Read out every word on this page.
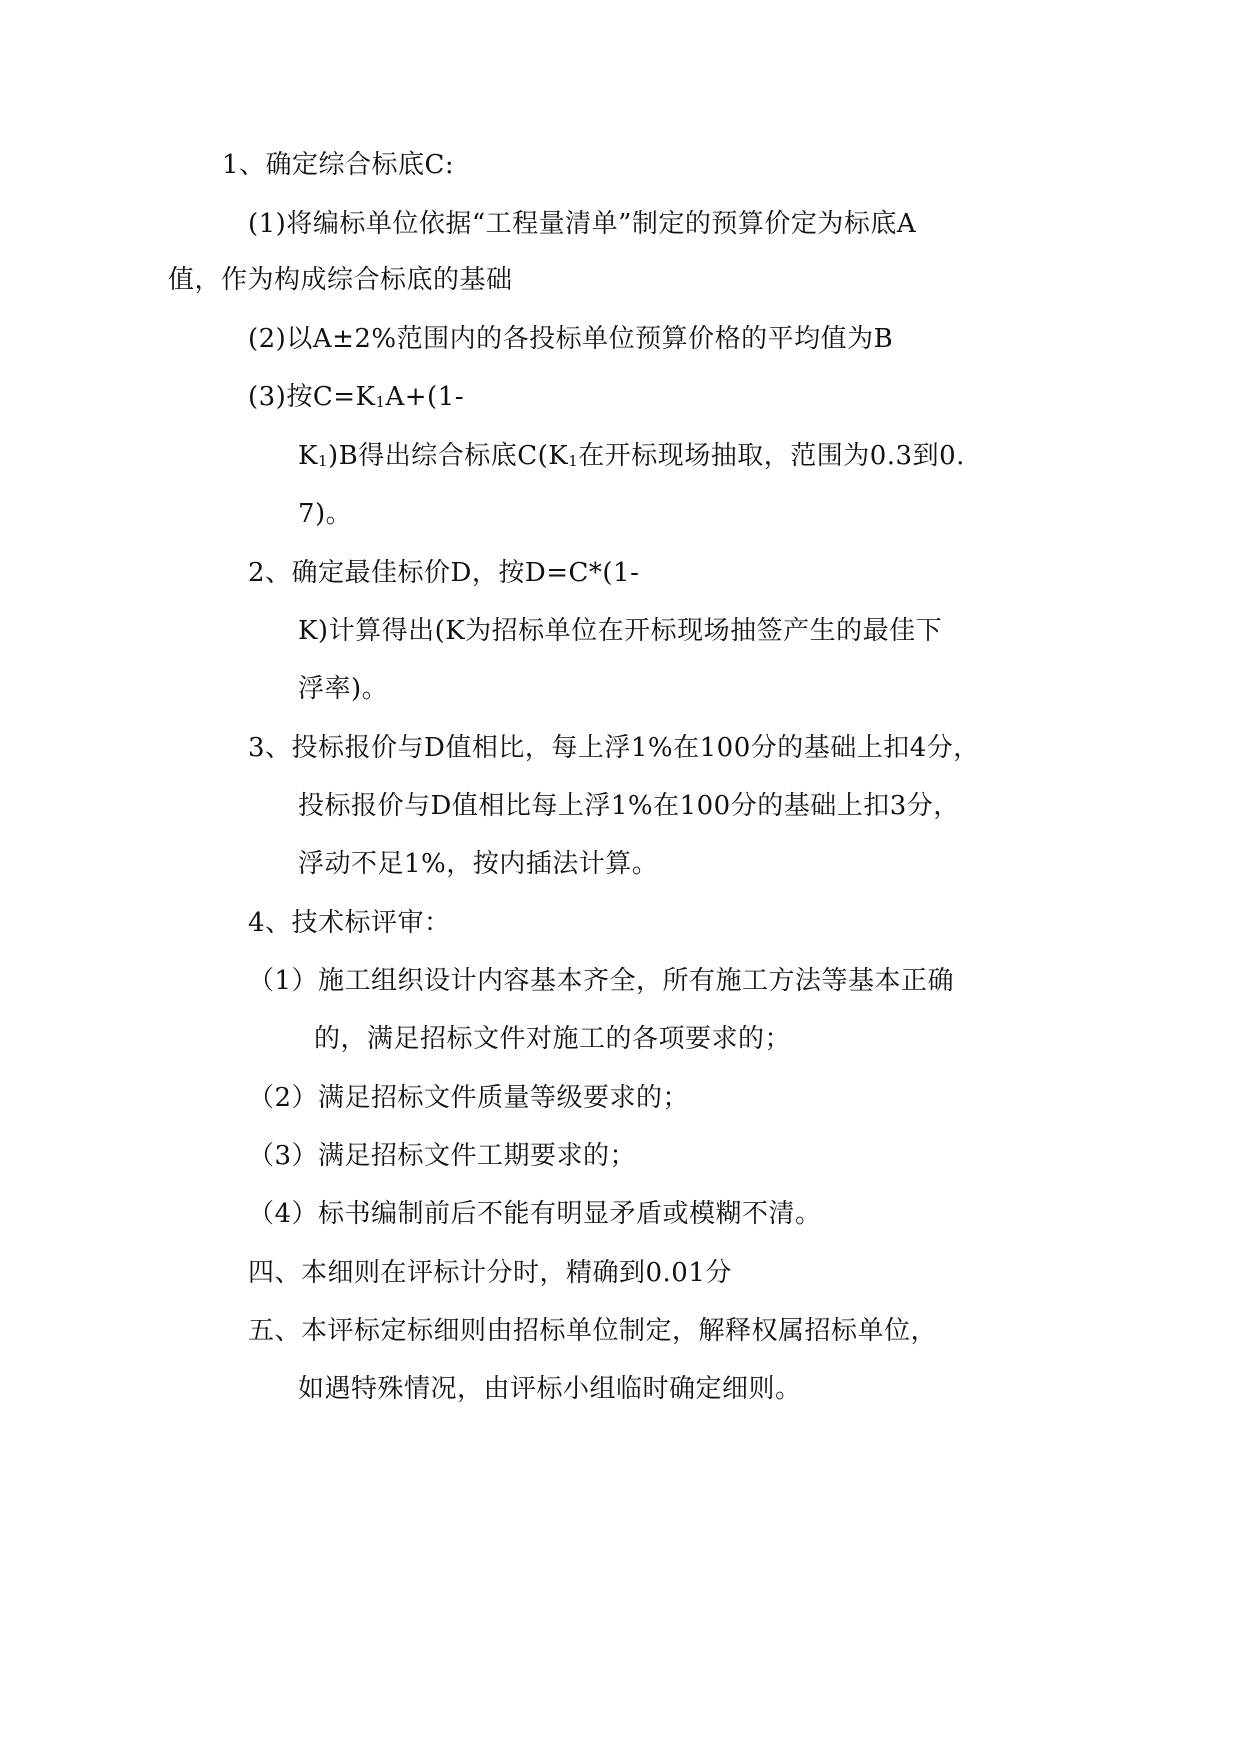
1、确定综合标底C:
(1)将编标单位依据“工程量清单”制定的预算价定为标底A
值，作为构成综合标底的基础
(2)以A±2%范围内的各投标单位预算价格的平均值为B
(3)按$C=K_1A+(1-$
$K_1)B$得出综合标底$C(K_1$在开标现场抽取，范围为0.3到0.
7)。
2、确定最佳标价D，按D=C*(1-
K)计算得出(K为招标单位在开标现场抽签产生的最佳下
浮率)。
3、投标报价与D值相比，每上浮1%在100分的基础上扣4分，
投标报价与D值相比每上浮1%在100分的基础上扣3分，
浮动不足1%，按内插法计算。
4、技术标评审：
（1）施工组织设计内容基本齐全，所有施工方法等基本正确
的，满足招标文件对施工的各项要求的；
（2）满足招标文件质量等级要求的；
（3）满足招标文件工期要求的；
（4）标书编制前后不能有明显矛盾或模糊不清。
四、本细则在评标计分时，精确到0.01分
五、本评标定标细则由招标单位制定，解释权属招标单位，
如遇特殊情况，由评标小组临时确定细则。
